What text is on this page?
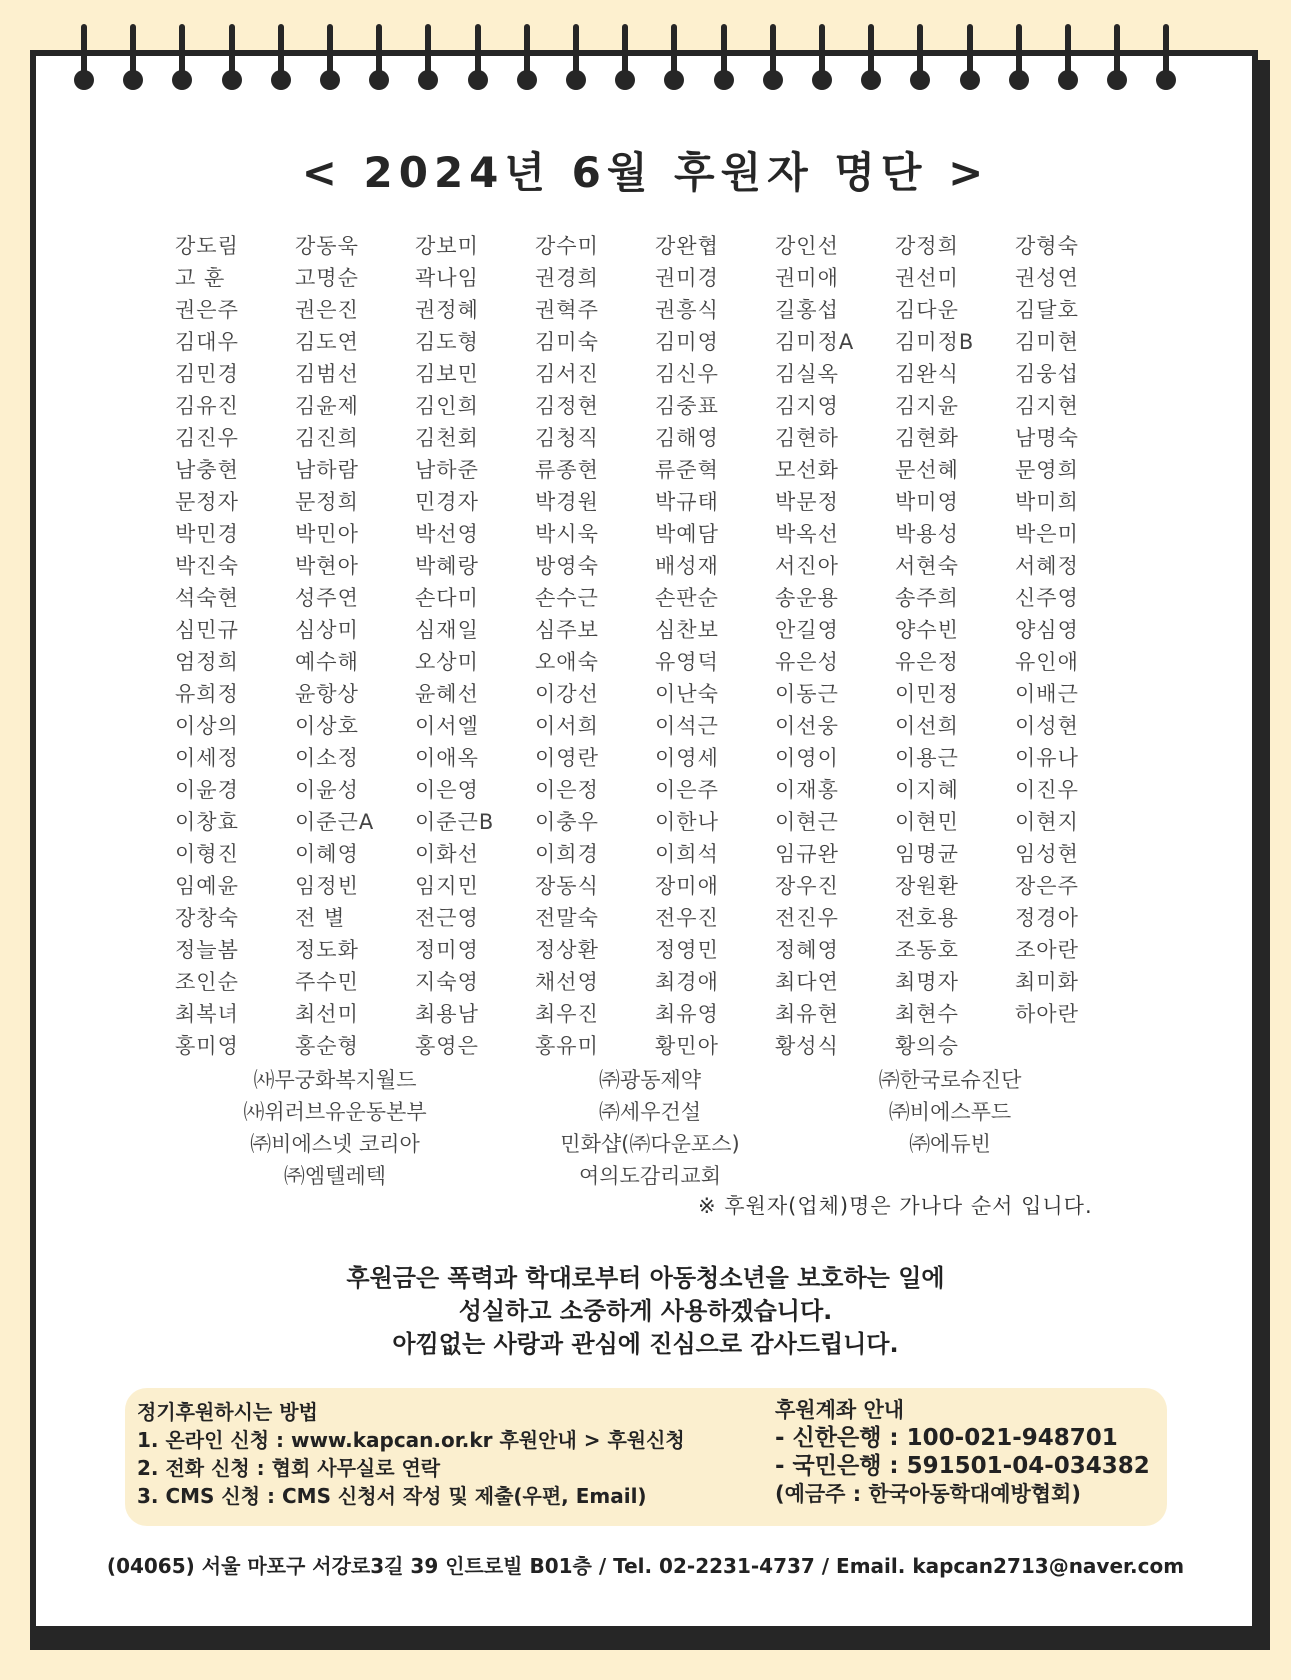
< 2024년 6월 후원자 명단 >
강도림	강동욱	강보미	강수미	강완협	강인선	강정희	강형숙
고 훈	고명순	곽나임	권경희	권미경	권미애	권선미	권성연
권은주	권은진	권정혜	권혁주	권흥식	길홍섭	김다운	김달호
김대우	김도연	김도형	김미숙	김미영	김미정A	김미정B	김미현
김민경	김범선	김보민	김서진	김신우	김실옥	김완식	김웅섭
김유진	김윤제	김인희	김정현	김중표	김지영	김지윤	김지현
김진우	김진희	김천회	김청직	김해영	김현하	김현화	남명숙
남충현	남하람	남하준	류종현	류준혁	모선화	문선혜	문영희
문정자	문정희	민경자	박경원	박규태	박문정	박미영	박미희
박민경	박민아	박선영	박시욱	박예담	박옥선	박용성	박은미
박진숙	박현아	박혜랑	방영숙	배성재	서진아	서현숙	서혜정
석숙현	성주연	손다미	손수근	손판순	송운용	송주희	신주영
심민규	심상미	심재일	심주보	심찬보	안길영	양수빈	양심영
엄정희	예수해	오상미	오애숙	유영덕	유은성	유은정	유인애
유희정	윤항상	윤혜선	이강선	이난숙	이동근	이민정	이배근
이상의	이상호	이서엘	이서희	이석근	이선웅	이선희	이성현
이세정	이소정	이애옥	이영란	이영세	이영이	이용근	이유나
이윤경	이윤성	이은영	이은정	이은주	이재홍	이지혜	이진우
이창효	이준근A	이준근B	이충우	이한나	이현근	이현민	이현지
이형진	이혜영	이화선	이희경	이희석	임규완	임명균	임성현
임예윤	임정빈	임지민	장동식	장미애	장우진	장원환	장은주
장창숙	전 별	전근영	전말숙	전우진	전진우	전호용	정경아
정늘봄	정도화	정미영	정상환	정영민	정혜영	조동호	조아란
조인순	주수민	지숙영	채선영	최경애	최다연	최명자	최미화
최복녀	최선미	최용남	최우진	최유영	최유현	최현수	하아란
홍미영	홍순형	홍영은	홍유미	황민아	황성식	황의승
㈔무궁화복지월드	㈜광동제약	㈜한국로슈진단
㈔위러브유운동본부	㈜세우건설	㈜비에스푸드
㈜비에스넷 코리아	민화샵(㈜다운포스)	㈜에듀빈
㈜엠텔레텍	여의도감리교회
※ 후원자(업체)명은 가나다 순서 입니다.
후원금은 폭력과 학대로부터 아동청소년을 보호하는 일에
성실하고 소중하게 사용하겠습니다.
아낌없는 사랑과 관심에 진심으로 감사드립니다.
정기후원하시는 방법
1. 온라인 신청 : www.kapcan.or.kr 후원안내 > 후원신청
2. 전화 신청 : 협회 사무실로 연락
3. CMS 신청 : CMS 신청서 작성 및 제출(우편, Email)
후원계좌 안내
- 신한은행 : 100-021-948701
- 국민은행 : 591501-04-034382
(예금주 : 한국아동학대예방협회)
(04065) 서울 마포구 서강로3길 39 인트로빌 B01층 / Tel. 02-2231-4737 / Email. kapcan2713@naver.com
